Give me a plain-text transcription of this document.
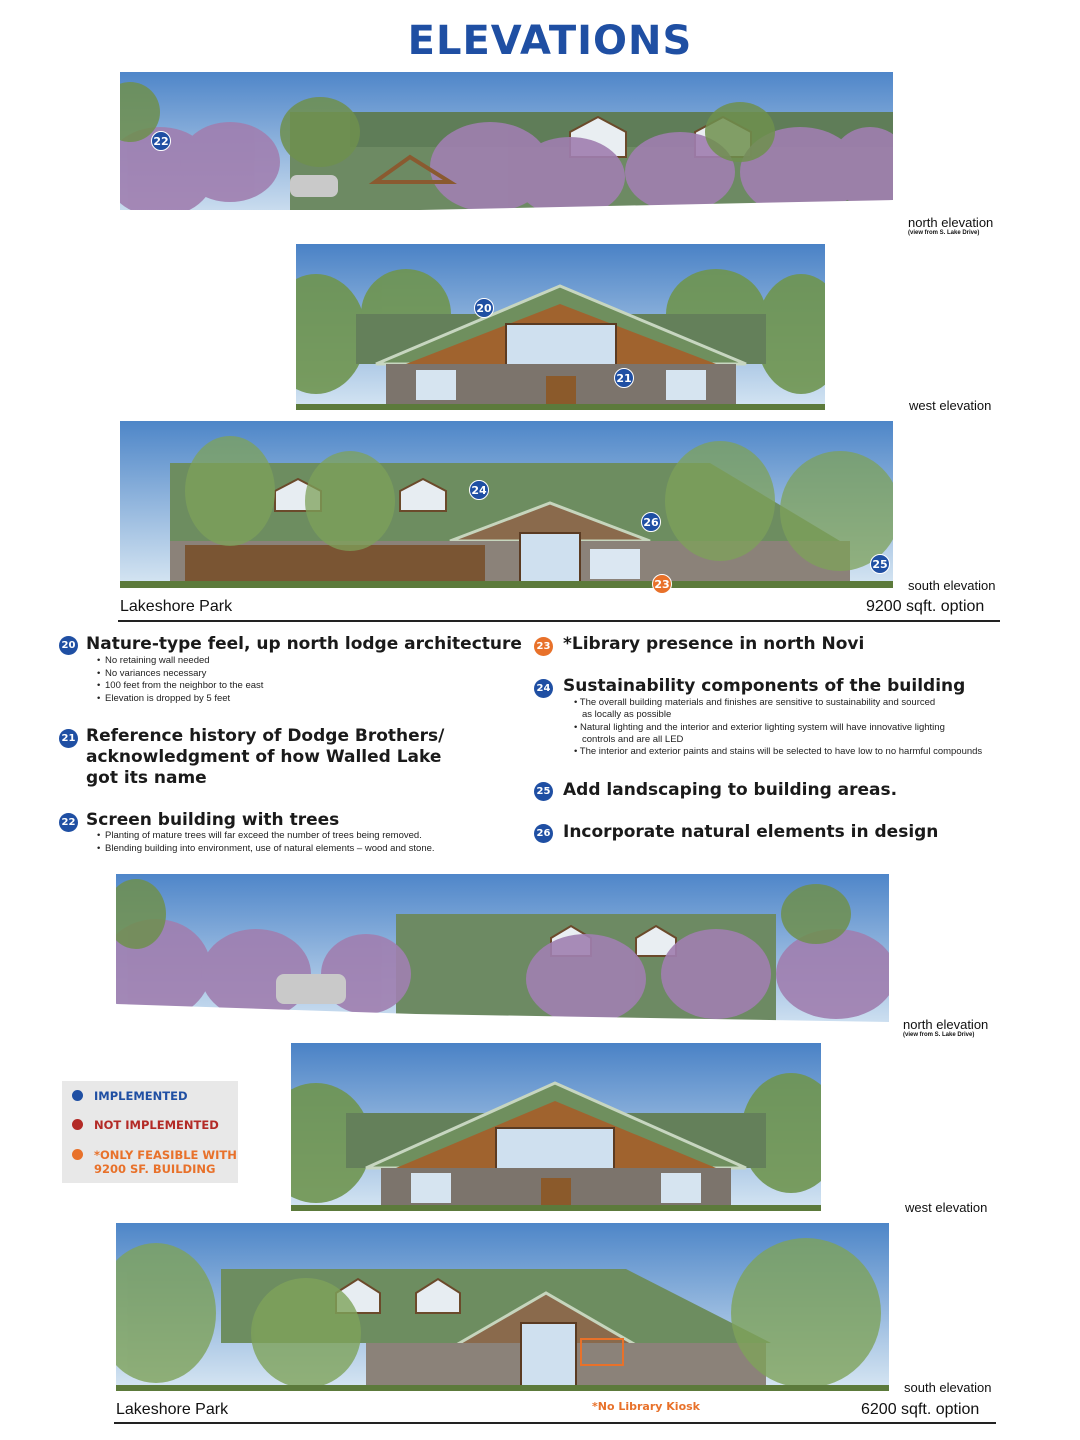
ELEVATIONS
22
north elevation
(view from S. Lake Drive)
20
21
west elevation
24
26
25
23	south elevation
Lakeshore Park	9200 sqft. option
20 Nature-type feel, up north lodge architecture
• No retaining wall needed
• No variances necessary
• 100 feet from the neighbor to the east
• Elevation is dropped by 5 feet
21 Reference history of Dodge Brothers/
acknowledgment of how Walled Lake
got its name
22 Screen building with trees
• Planting of mature trees will far exceed the number of trees being removed.
• Blending building into environment, use of natural elements – wood and stone.
23 *Library presence in north Novi
24 Sustainability components of the building
• The overall building materials and finishes are sensitive to sustainability and sourced
as locally as possible
• Natural lighting and the interior and exterior lighting system will have innovative lighting
controls and are all LED
• The interior and exterior paints and stains will be selected to have low to no harmful compounds
25 Add landscaping to building areas.
26 Incorporate natural elements in design
north elevation
(view from S. Lake Drive)
west elevation
IMPLEMENTED
NOT IMPLEMENTED
*ONLY FEASIBLE WITH
9200 SF. BUILDING
south elevation
Lakeshore Park	*No Library Kiosk	6200 sqft. option
